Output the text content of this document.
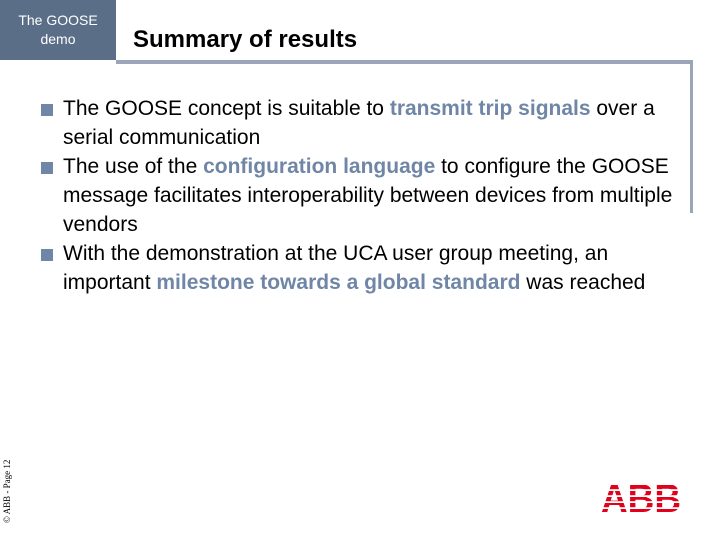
The GOOSE
demo	Summary of results
The GOOSE concept is suitable to transmit trip signals over a serial communication
The use of the configuration language to configure the GOOSE message facilitates interoperability between devices from multiple vendors
With the demonstration at the UCA user group meeting, an important milestone towards a global standard was reached
© ABB - Page 12	ABB
